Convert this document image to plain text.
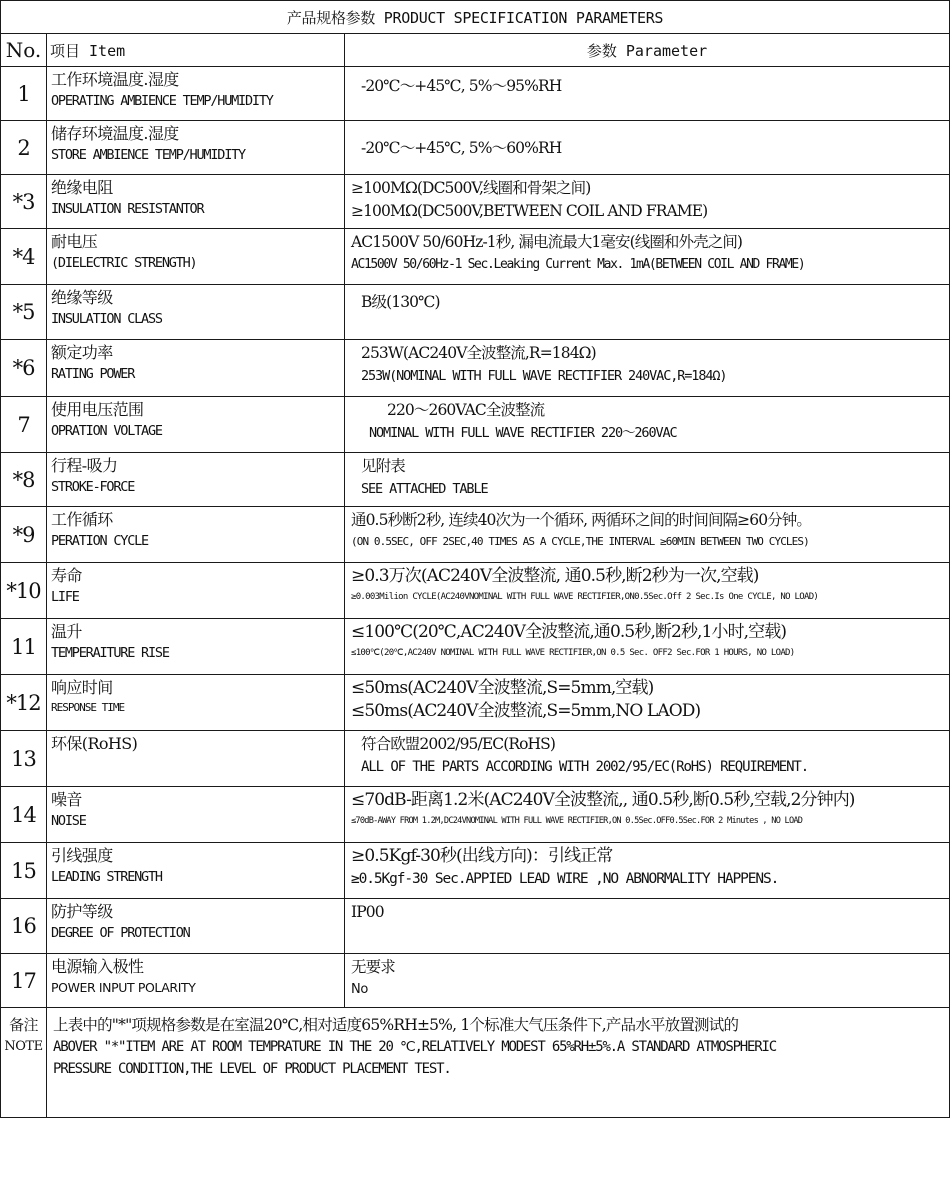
产品规格参数 PRODUCT SPECIFICATION PARAMETERS		
No.	项目 Item	参数 Parameter
1	工作环境温度.湿度
OPERATING AMBIENCE TEMP/HUMIDITY	-20℃～+45℃, 5%～95%RH

2	储存环境温度.湿度
STORE AMBIENCE TEMP/HUMIDITY	-20℃～+45℃, 5%～60%RH

*3	绝缘电阻
INSULATION RESISTANTOR	≥100MΩ(DC500V,线圈和骨架之间)
≥100MΩ(DC500V,BETWEEN COIL AND FRAME)

*4	耐电压
(DIELECTRIC STRENGTH)	AC1500V 50/60Hz-1秒, 漏电流最大1毫安(线圈和外壳之间)
AC1500V 50/60Hz-1 Sec.Leaking Current Max. 1mA(BETWEEN COIL AND FRAME)

*5	绝缘等级
INSULATION CLASS	B级(130℃)

*6	额定功率
RATING POWER	253W(AC240V全波整流,R=184Ω)
253W(NOMINAL WITH FULL WAVE RECTIFIER 240VAC,R=184Ω)

7	使用电压范围
OPRATION VOLTAGE	220～260VAC全波整流
NOMINAL WITH FULL WAVE RECTIFIER 220～260VAC

*8	行程-吸力
STROKE-FORCE	见附表
SEE ATTACHED TABLE

*9	工作循环
PERATION CYCLE	通0.5秒断2秒, 连续40次为一个循环, 两循环之间的时间间隔≥60分钟。
(ON 0.5SEC, OFF 2SEC,40 TIMES AS A CYCLE,THE INTERVAL ≥60MIN BETWEEN TWO CYCLES)

*10	寿命
LIFE	≥0.3万次(AC240V全波整流, 通0.5秒,断2秒为一次,空载)
≥0.003Milion CYCLE(AC240VNOMINAL WITH FULL WAVE RECTIFIER,ON0.5Sec.Off 2 Sec.Is One CYCLE, NO LOAD)

11	温升
TEMPERAITURE RISE	≤100℃(20℃,AC240V全波整流,通0.5秒,断2秒,1小时,空载)
≤100℃(20℃,AC240V NOMINAL WITH FULL WAVE RECTIFIER,ON 0.5 Sec. OFF2 Sec.FOR 1 HOURS, NO LOAD)

*12	响应时间
RESPONSE TIME	≤50ms(AC240V全波整流,S=5mm,空载)
≤50ms(AC240V全波整流,S=5mm,NO LAOD)

13	环保(RoHS)	符合欧盟2002/95/EC(RoHS)
ALL OF THE PARTS ACCORDING WITH 2002/95/EC(RoHS) REQUIREMENT.

14	噪音
NOISE	≤70dB-距离1.2米(AC240V全波整流,, 通0.5秒,断0.5秒,空载,2分钟内)
≤70dB-AWAY FROM 1.2M,DC24VNOMINAL WITH FULL WAVE RECTIFIER,ON 0.5Sec.OFF0.5Sec.FOR 2 Minutes , NO LOAD

15	引线强度
LEADING STRENGTH	≥0.5Kgf-30秒(出线方向)：引线正常
≥0.5Kgf-30 Sec.APPIED LEAD WIRE ,NO ABNORMALITY HAPPENS.

16	防护等级
DEGREE OF PROTECTION	IP00

17	电源输入极性
POWER INPUT POLARITY	无要求
No

备注
NOTE	上表中的"*"项规格参数是在室温20℃,相对适度65%RH±5%, 1个标准大气压条件下,产品水平放置测试的
ABOVER "*"ITEM ARE AT ROOM TEMPRATURE IN THE 20 ℃,RELATIVELY MODEST 65%RH±5%.A STANDARD ATMOSPHERIC
PRESSURE CONDITION,THE LEVEL OF PRODUCT PLACEMENT TEST.	
